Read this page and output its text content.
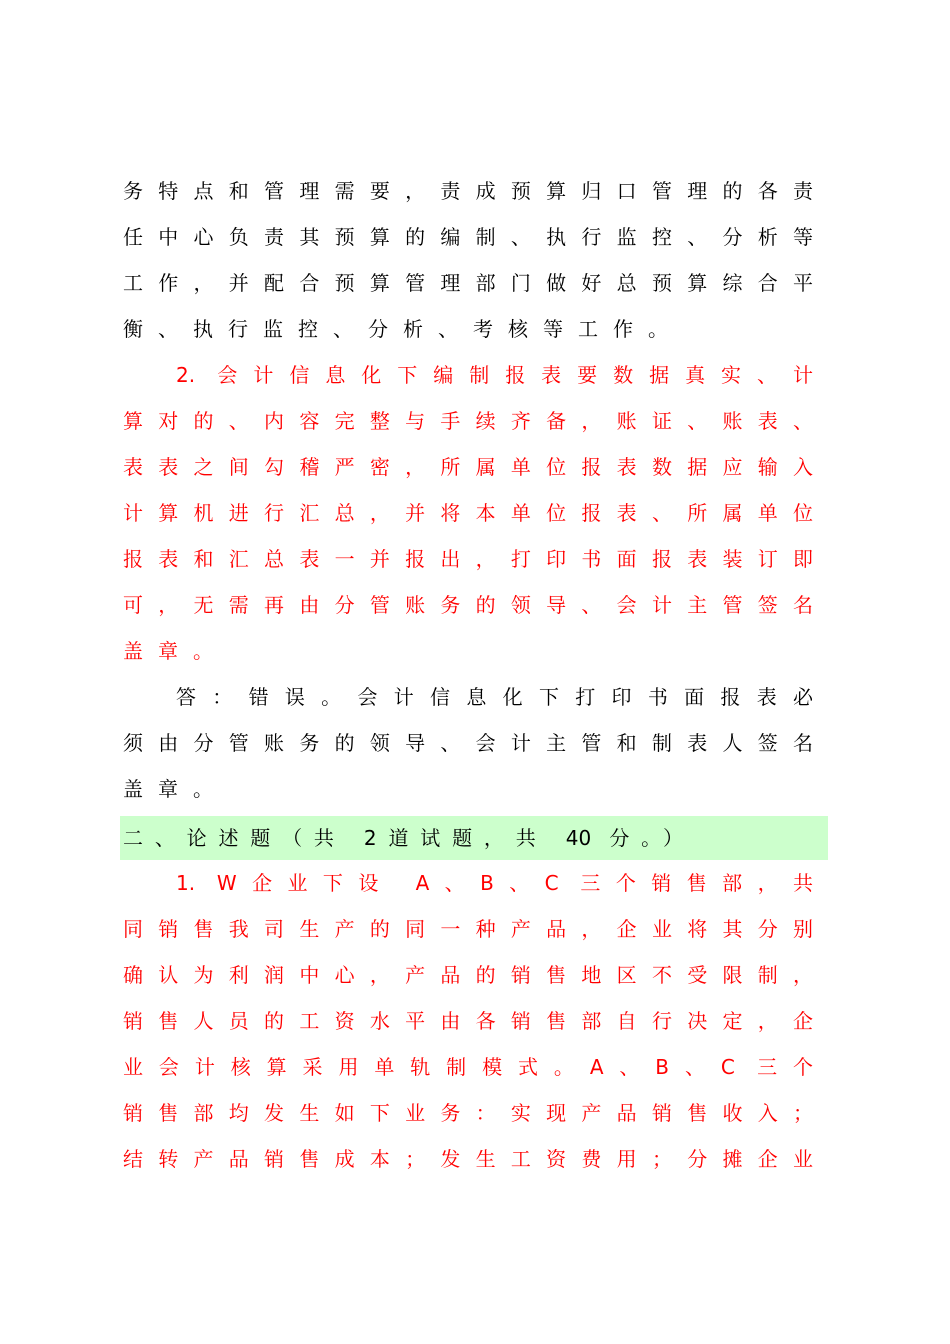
务特点和管理需要，责成预算归口管理的各责
任中心负责其预算的编制、执行监控、分析等
工作，并配合预算管理部门做好总预算综合平
衡、执行监控、分析、考核等工作。
2. 会计信息化下编制报表要数据真实、计
算对的、内容完整与手续齐备，账证、账表、
表表之间勾稽严密，所属单位报表数据应输入
计算机进行汇总，并将本单位报表、所属单位
报表和汇总表一并报出，打印书面报表装订即
可，无需再由分管账务的领导、会计主管签名
盖章。
答：错误。会计信息化下打印书面报表必
须由分管账务的领导、会计主管和制表人签名
盖章。
二、论述题（共 2道试题，共 40 分。）
1. W企业下设 A、B、C 三个销售部，共
同销售我司生产的同一种产品，企业将其分别
确认为利润中心，产品的销售地区不受限制，
销售人员的工资水平由各销售部自行决定，企
业会计核算采用单轨制模式。A、B、C 三个
销售部均发生如下业务：实现产品销售收入；
结转产品销售成本；发生工资费用；分摊企业
